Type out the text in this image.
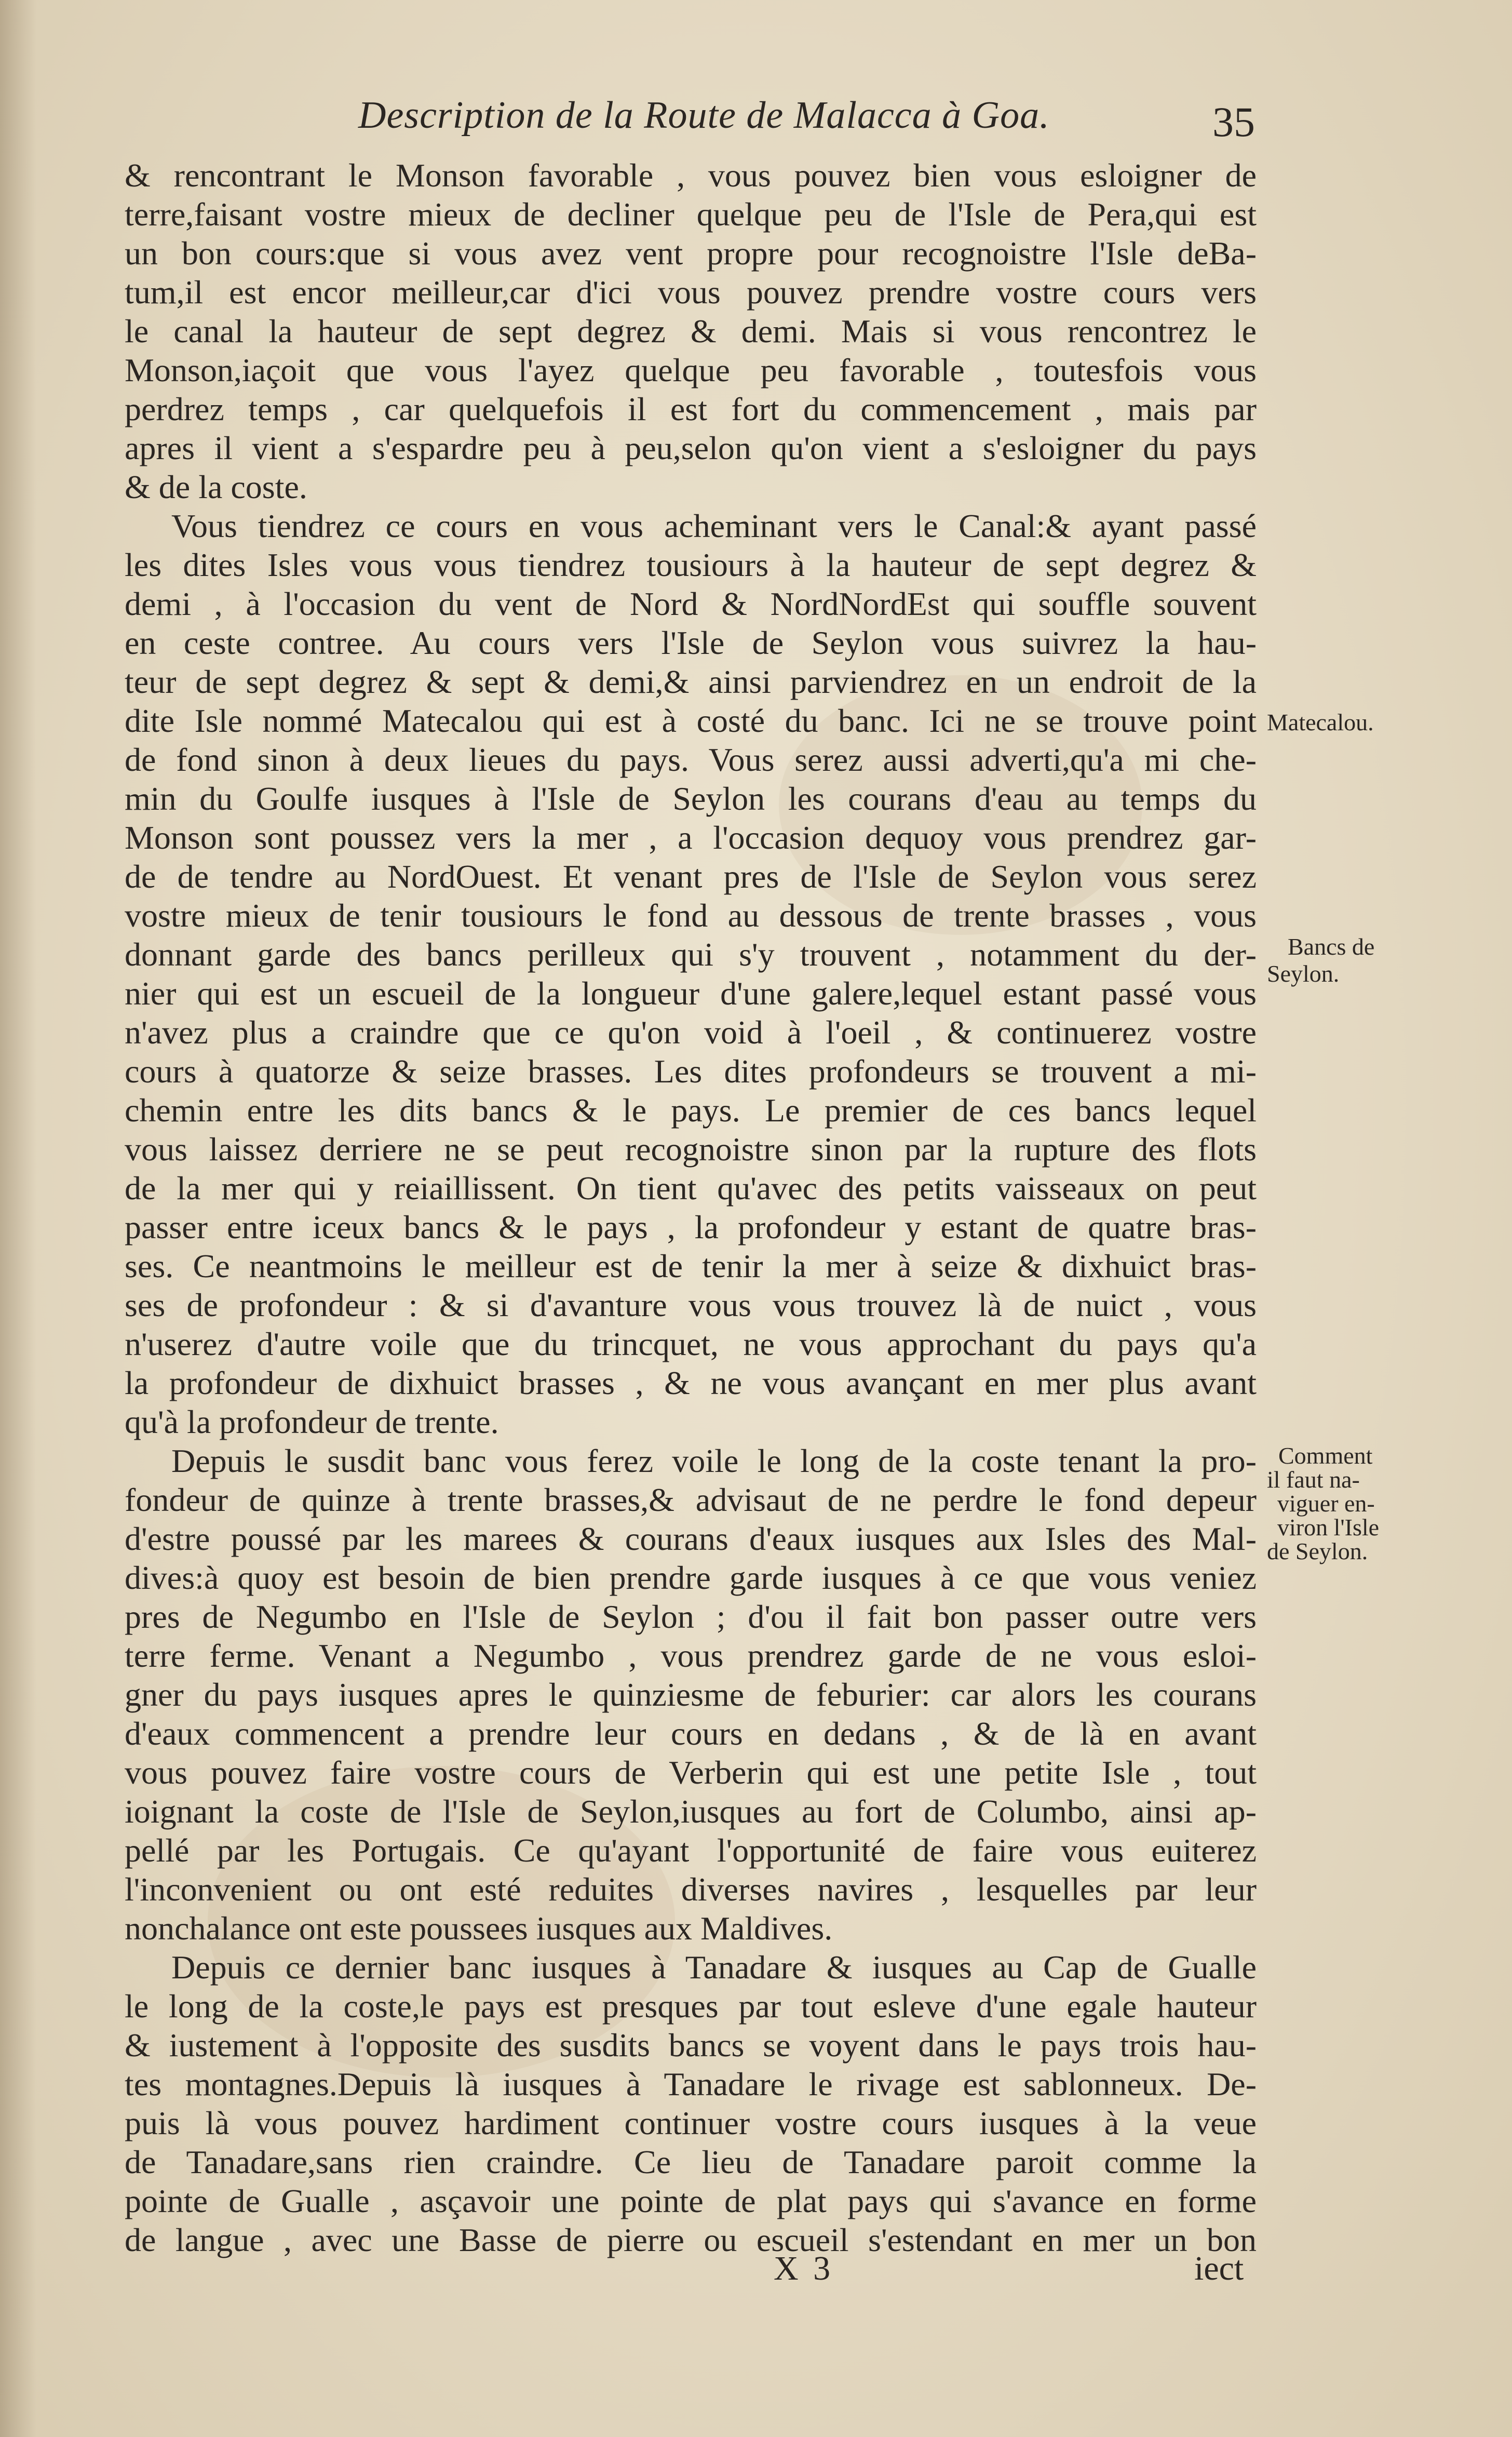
Description de la Route de Malacca à Goa.	35
& rencontrant le Monson favorable , vous pouvez bien vous esloigner de
terre,faisant vostre mieux de decliner quelque peu de l'Isle de Pera,qui est
un bon cours:que si vous avez vent propre pour recognoistre l'Isle deBa-
tum,il est encor meilleur,car d'ici vous pouvez prendre vostre cours vers
le canal la hauteur de sept degrez & demi. Mais si vous rencontrez le
Monson,iaçoit que vous l'ayez quelque peu favorable , toutesfois vous
perdrez temps , car quelquefois il est fort du commencement , mais par
apres il vient a s'espardre peu à peu,selon qu'on vient a s'esloigner du pays
& de la coste.
Vous tiendrez ce cours en vous acheminant vers le Canal:& ayant passé
les dites Isles vous vous tiendrez tousiours à la hauteur de sept degrez &
demi , à l'occasion du vent de Nord & NordNordEst qui souffle souvent
en ceste contree. Au cours vers l'Isle de Seylon vous suivrez la hau-
teur de sept degrez & sept & demi,& ainsi parviendrez en un endroit de la
dite Isle nommé Matecalou qui est à costé du banc. Ici ne se trouve point
de fond sinon à deux lieues du pays. Vous serez aussi adverti,qu'a mi che-
min du Goulfe iusques à l'Isle de Seylon les courans d'eau au temps du
Monson sont poussez vers la mer , a l'occasion dequoy vous prendrez gar-
de de tendre au NordOuest. Et venant pres de l'Isle de Seylon vous serez
vostre mieux de tenir tousiours le fond au dessous de trente brasses , vous
donnant garde des bancs perilleux qui s'y trouvent , notamment du der-
nier qui est un escueil de la longueur d'une galere,lequel estant passé vous
n'avez plus a craindre que ce qu'on void à l'oeil , & continuerez vostre
cours à quatorze & seize brasses. Les dites profondeurs se trouvent a mi-
chemin entre les dits bancs & le pays. Le premier de ces bancs lequel
vous laissez derriere ne se peut recognoistre sinon par la rupture des flots
de la mer qui y reiaillissent. On tient qu'avec des petits vaisseaux on peut
passer entre iceux bancs & le pays , la profondeur y estant de quatre bras-
ses. Ce neantmoins le meilleur est de tenir la mer à seize & dixhuict bras-
ses de profondeur : & si d'avanture vous vous trouvez là de nuict , vous
n'userez d'autre voile que du trincquet, ne vous approchant du pays qu'a
la profondeur de dixhuict brasses , & ne vous avançant en mer plus avant
qu'à la profondeur de trente.
Depuis le susdit banc vous ferez voile le long de la coste tenant la pro-
fondeur de quinze à trente brasses,& advisaut de ne perdre le fond depeur
d'estre poussé par les marees & courans d'eaux iusques aux Isles des Mal-
dives:à quoy est besoin de bien prendre garde iusques à ce que vous veniez
pres de Negumbo en l'Isle de Seylon ; d'ou il fait bon passer outre vers
terre ferme. Venant a Negumbo , vous prendrez garde de ne vous esloi-
gner du pays iusques apres le quinziesme de feburier: car alors les courans
d'eaux commencent a prendre leur cours en dedans , & de là en avant
vous pouvez faire vostre cours de Verberin qui est une petite Isle , tout
ioignant la coste de l'Isle de Seylon,iusques au fort de Columbo, ainsi ap-
pellé par les Portugais. Ce qu'ayant l'opportunité de faire vous euiterez
l'inconvenient ou ont esté reduites diverses navires , lesquelles par leur
nonchalance ont este poussees iusques aux Maldives.
Depuis ce dernier banc iusques à Tanadare & iusques au Cap de Gualle
le long de la coste,le pays est presques par tout esleve d'une egale hauteur
& iustement à l'opposite des susdits bancs se voyent dans le pays trois hau-
tes montagnes.Depuis là iusques à Tanadare le rivage est sablonneux. De-
puis là vous pouvez hardiment continuer vostre cours iusques à la veue
de Tanadare,sans rien craindre. Ce lieu de Tanadare paroit comme la
pointe de Gualle , asçavoir une pointe de plat pays qui s'avance en forme
de langue , avec une Basse de pierre ou escueil s'estendant en mer un bon
Matecalou.
Bancs de
Seylon.
Comment
il faut na-
viguer en-
viron l'Isle
de Seylon.
X 3	iect
